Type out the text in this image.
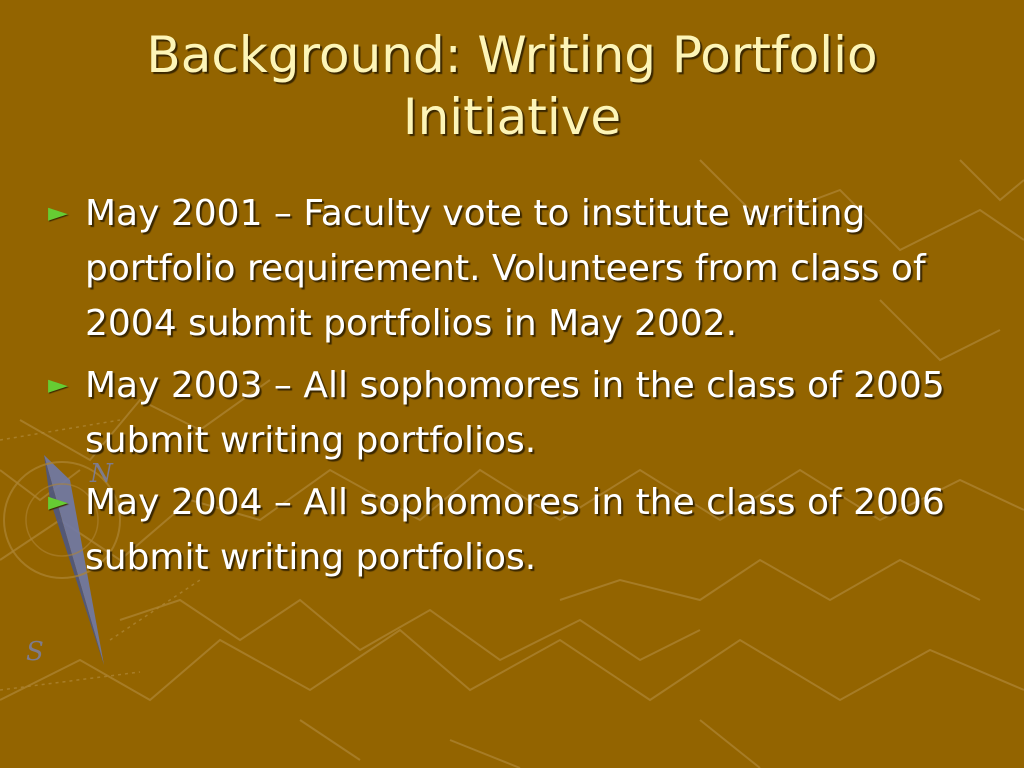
N
S
Background: Writing Portfolio Initiative
► May 2001 – Faculty vote to institute writing portfolio requirement. Volunteers from class of 2004 submit portfolios in May 2002.
► May 2003 – All sophomores in the class of 2005 submit writing portfolios.
► May 2004 – All sophomores in the class of 2006 submit writing portfolios.
